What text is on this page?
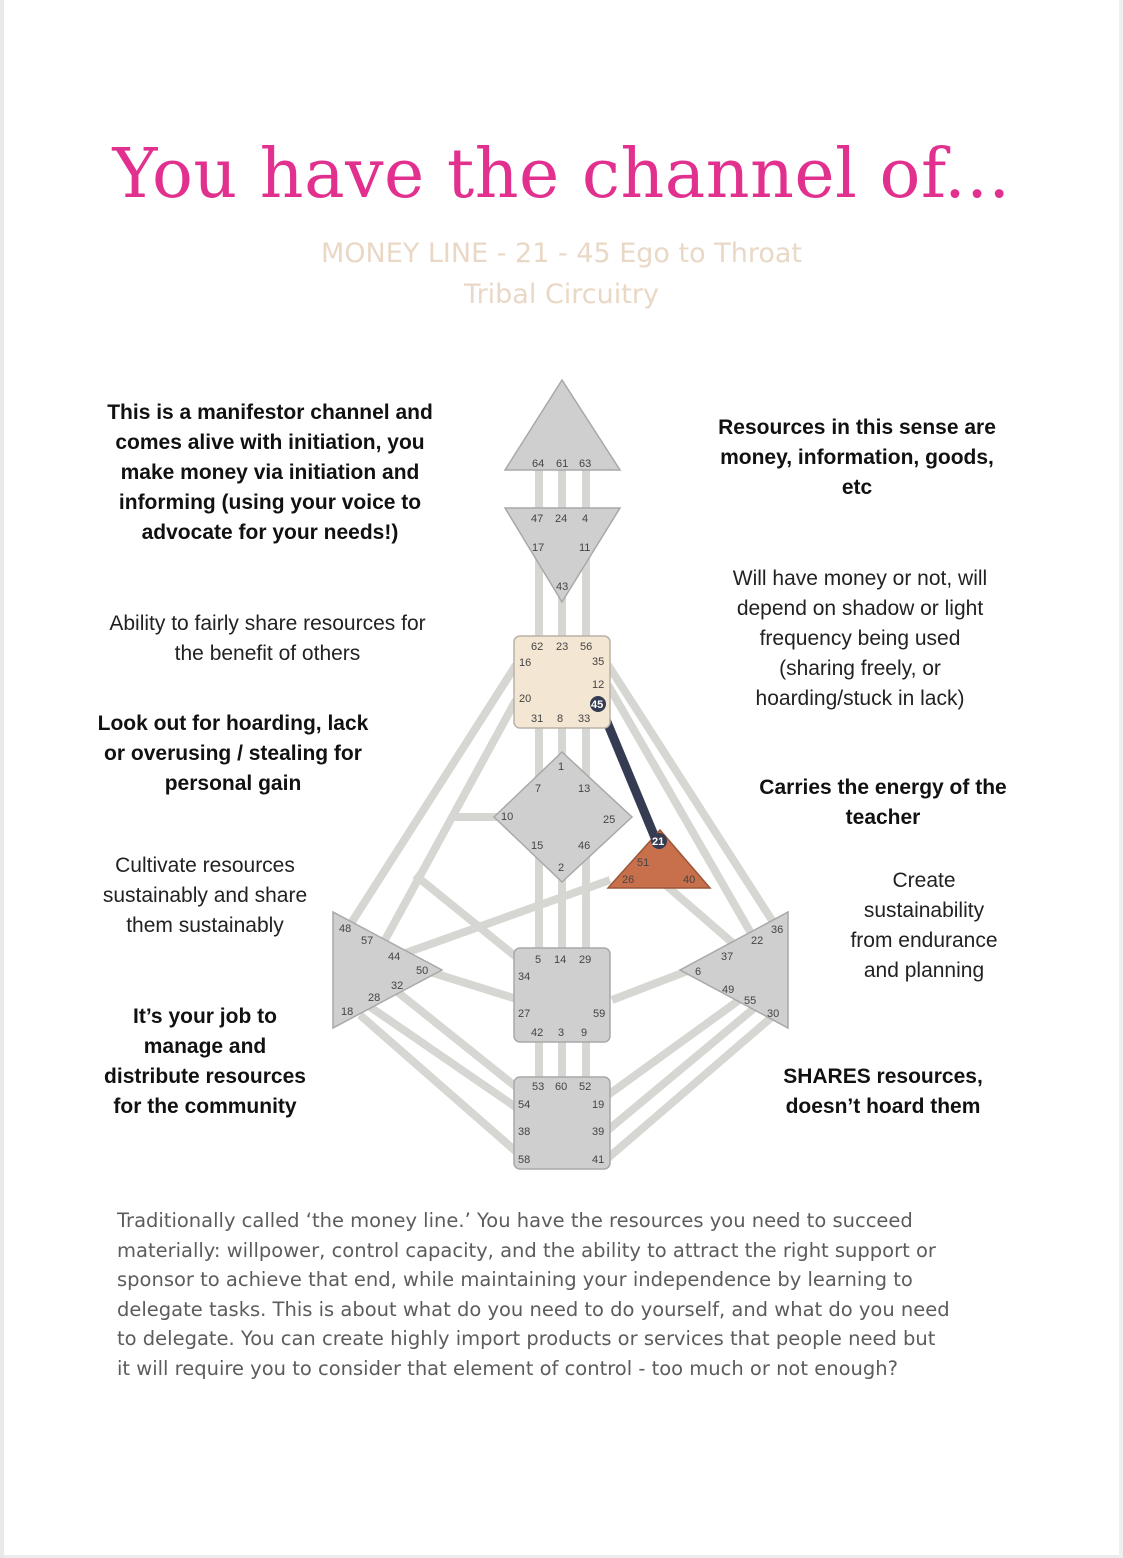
You have the channel of...
MONEY LINE - 21 - 45 Ego to Throat
Tribal Circuitry
This is a manifestor channel and
comes alive with initiation, you
make money via initiation and
informing (using your voice to
advocate for your needs!)
Ability to fairly share resources for
the benefit of others
Look out for hoarding, lack
or overusing / stealing for
personal gain
Cultivate resources
sustainably and share
them sustainably
It’s your job to
manage and
distribute resources
for the community
Resources in this sense are
money, information, goods,
etc
Will have money or not, will
depend on shadow or light
frequency being used
(sharing freely, or
hoarding/stuck in lack)
Carries the energy of the
teacher
Create
sustainability
from endurance
and planning
SHARES resources,
doesn’t hoard them
64 61 63
47 24 4
17	11
43
62 23 56
16	35
12
20	45
31 8 33
1
7	13
10	25
15	46
2
21
51
26	40
48
57
44
50
32
28
18
5 14 29
34
27	59
42 3 9
36
22
37
6
49
55
30
53 60 52
54	19
38	39
58	41
Traditionally called ‘the money line.’ You have the resources you need to succeed
materially: willpower, control capacity, and the ability to attract the right support or
sponsor to achieve that end, while maintaining your independence by learning to
delegate tasks. This is about what do you need to do yourself, and what do you need
to delegate. You can create highly import products or services that people need but
it will require you to consider that element of control - too much or not enough?
